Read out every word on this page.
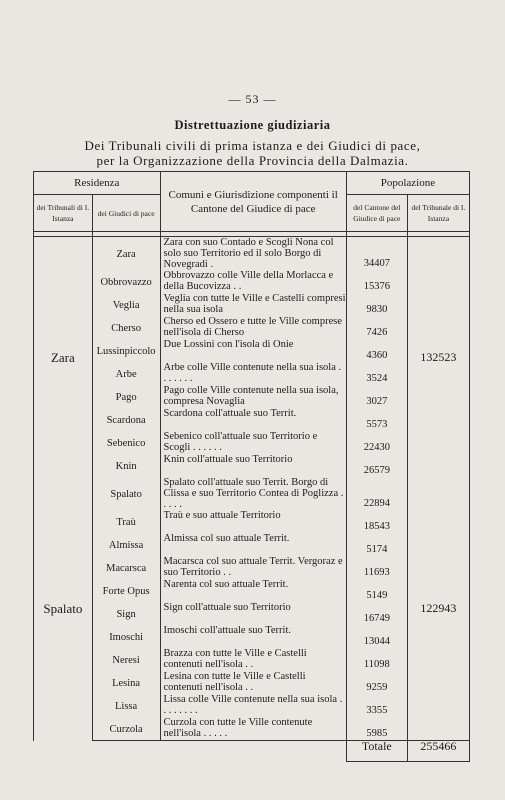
— 53 —
Distrettuazione giudiziaria
Dei Tribunali civili di prima istanza e dei Giudici di pace,
per la Organizzazione della Provincia della Dalmazia.
Residenza		Comuni e Giurisdizione componenti il Cantone del Giudice di pace	Popolazione	
dei Tribunali di I. Istanza	dei Giudici di pace		del Cantone del Giudice di pace	del Tribunale di I. Istanza

Zara	Zara	Zara con suo Contado e Scogli Nona col solo suo Territorio ed il solo Borgo di Novegradi .	34407	132523
	Obbrovazzo	Obbrovazzo colle Ville della Morlacca e della Bucovizza . .	15376	
	Veglia	Veglia con tutte le Ville e Castelli compresi nella sua isola	9830	
	Cherso	Cherso ed Ossero e tutte le Ville comprese nell'isola di Cherso	7426	
	Lussinpiccolo	Due Lossini con l'isola di Onie	4360	
	Arbe	Arbe colle Ville contenute nella sua isola . . . . . . .	3524	
	Pago	Pago colle Ville contenute nella sua isola, compresa Novaglia	3027	
	Scardona	Scardona coll'attuale suo Territ.	5573	
	Sebenico	Sebenico coll'attuale suo Territorio e Scogli . . . . . .	22430	
	Knin	Knin coll'attuale suo Territorio	26579	
Spalato	Spalato	Spalato coll'attuale suo Territ. Borgo di Clissa e suo Territorio Contea di Poglizza . . . . .	22894	122943
	Traù	Traù e suo attuale Territorio	18543	
	Almissa	Almissa col suo attuale Territ.	5174	
	Macarsca	Macarsca col suo attuale Territ. Vergoraz e suo Territorio . .	11693	
	Forte Opus	Narenta col suo attuale Territ.	5149	
	Sign	Sign coll'attuale suo Territorio	16749	
	Imoschi	Imoschi coll'attuale suo Territ.	13044	
	Neresi	Brazza con tutte le Ville e Castelli contenuti nell'isola . .	11098	
	Lesina	Lesina con tutte le Ville e Castelli contenuti nell'isola . .	9259	
	Lissa	Lissa colle Ville contenute nella sua isola . . . . . . . .	3355	
	Curzola	Curzola con tutte le Ville contenute nell'isola . . . . .	5985	
			Totale	255466
